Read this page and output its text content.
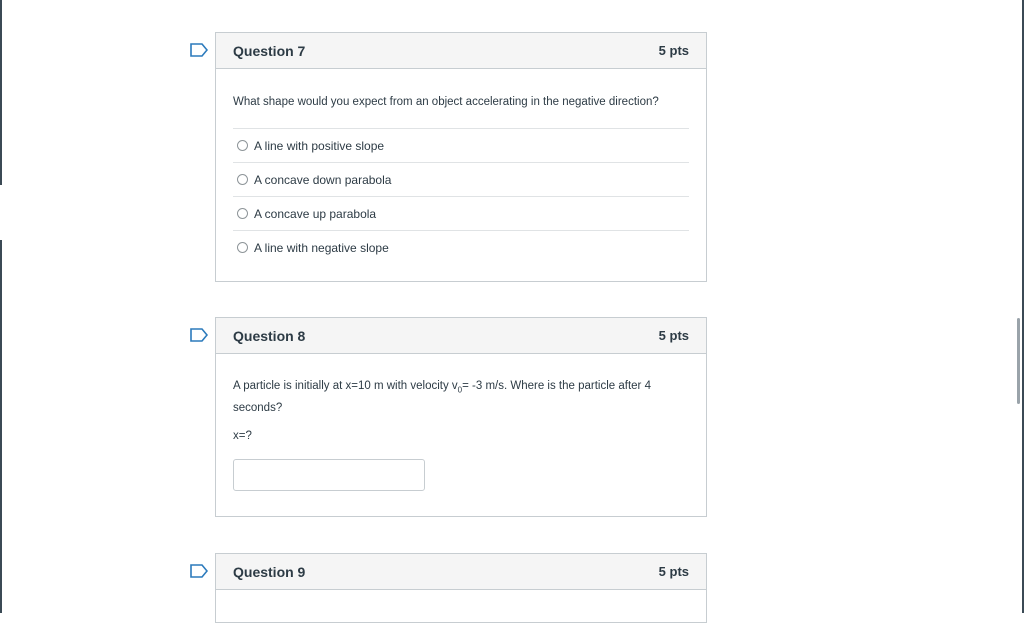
Question 7	5 pts
What shape would you expect from an object accelerating in the negative direction?
A line with positive slope
A concave down parabola
A concave up parabola
A line with negative slope
Question 8	5 pts
A particle is initially at x=10 m with velocity $v_0= -3$ m/s. Where is the particle after 4 seconds?
x=?
Question 9	5 pts
